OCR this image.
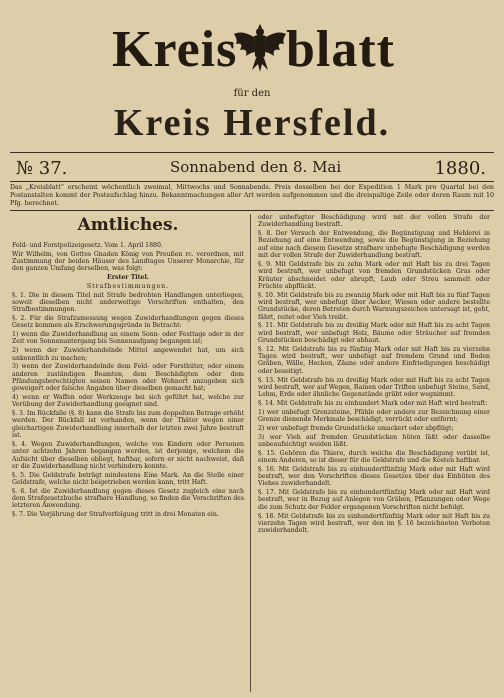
Kreis blatt
für den
Kreis Hersfeld.
№ 37.	Sonnabend den 8. Mai	1880.
Das „Kreisblatt“ erscheint wöchentlich zweimal, Mittwochs und Sonnabends. Preis desselben bei der Expedition 1 Mark pro Quartal bei den Postanstalten kommt der Postaufschlag hinzu. Bekanntmachungen aller Art werden aufgenommen und die dreispaltige Zeile oder deren Raum mit 10 Pfg. berechnet.
Amtliches.

Feld- und Forstpolizeigesetz. Vom 1. April 1880.

Wir Wilhelm, von Gottes Gnaden König von Preußen rc. verordnen, mit Zustimmung der beiden Häuser des Landtages Unserer Monarchie, für den ganzen Umfang derselben, was folgt:

Erster Titel.

Strafbestimmungen.

§. 1. Die in diesem Titel mit Strafe bedrohten Handlungen unterliegen, soweit dieselben nicht anderweitige Vorschriften enthalten, den Strafbestimmungen.

§. 2. Für die Strafzumessung wegen Zuwiderhandlungen gegen dieses Gesetz kommen als Erschwerungsgründe in Betracht:

1) wenn die Zuwiderhandlung an einem Sonn- oder Festtage oder in der Zeit von Sonnenuntergang bis Sonnenaufgang begangen ist;

2) wenn der Zuwiderhandelnde Mittel angewendet hat, um sich unkenntlich zu machen;

3) wenn der Zuwiderhandelnde dem Feld- oder Forsthüter, oder einem anderen zuständigen Beamten, dem Beschädigten oder dem Pfändungsberechtigten seinen Namen oder Wohnort anzugeben sich geweigert oder falsche Angaben über dieselben gemacht hat;

4) wenn er Waffen oder Werkzeuge bei sich geführt hat, welche zur Verübung der Zuwiderhandlung geeignet sind.

§. 3. Im Rückfalle (§. 8) kann die Strafe bis zum doppelten Betrage erhöht werden. Der Rückfall ist vorhanden, wenn der Thäter wegen einer gleichartigen Zuwiderhandlung innerhalb der letzten zwei Jahre bestraft ist.

§. 4. Wegen Zuwiderhandlungen, welche von Kindern oder Personen unter achtzehn Jahren begangen werden, ist derjenige, welchem die Aufsicht über dieselben obliegt, haftbar, sofern er nicht nachweist, daß er die Zuwiderhandlung nicht verhindern konnte.

§. 5. Die Geldstrafe beträgt mindestens Eine Mark. An die Stelle einer Geldstrafe, welche nicht beigetrieben werden kann, tritt Haft.

§. 6. Ist die Zuwiderhandlung gegen dieses Gesetz zugleich eine nach dem Strafgesetzbuche strafbare Handlung, so finden die Vorschriften des letzteren Anwendung.

§. 7. Die Verjährung der Strafverfolgung tritt in drei Monaten ein.

oder unbefugter Beschädigung wird mit der vollen Strafe der Zuwiderhandlung bestraft.

§. 8. Der Versuch der Entwendung, die Begünstigung und Hehlerei in Beziehung auf eine Entwendung, sowie die Begünstigung in Beziehung auf eine nach diesem Gesetze strafbare unbefugte Beschädigung werden mit der vollen Strafe der Zuwiderhandlung bestraft.

§. 9. Mit Geldstrafe bis zu zehn Mark oder mit Haft bis zu drei Tagen wird bestraft, wer unbefugt von fremden Grundstücken Gras oder Kräuter abschneidet oder abrupft, Laub oder Streu sammelt oder Früchte abpflückt.

§. 10. Mit Geldstrafe bis zu zwanzig Mark oder mit Haft bis zu fünf Tagen wird bestraft, wer unbefugt über Aecker, Wiesen oder andere bestellte Grundstücke, deren Betreten durch Warnungszeichen untersagt ist, geht, fährt, reitet oder Vieh treibt.

§. 11. Mit Geldstrafe bis zu dreißig Mark oder mit Haft bis zu acht Tagen wird bestraft, wer unbefugt Holz, Bäume oder Sträucher auf fremden Grundstücken beschädigt oder abhaut.

§. 12. Mit Geldstrafe bis zu fünfzig Mark oder mit Haft bis zu vierzehn Tagen wird bestraft, wer unbefugt auf fremdem Grund und Boden Gräben, Wälle, Hecken, Zäune oder andere Einfriedigungen beschädigt oder beseitigt.

§. 13. Mit Geldstrafe bis zu dreißig Mark oder mit Haft bis zu acht Tagen wird bestraft, wer auf Wegen, Rainen oder Triften unbefugt Steine, Sand, Lehm, Erde oder ähnliche Gegenstände gräbt oder wegnimmt.

§. 14. Mit Geldstrafe bis zu einhundert Mark oder mit Haft wird bestraft:

1) wer unbefugt Grenzsteine, Pfähle oder andere zur Bezeichnung einer Grenze dienende Merkmale beschädigt, verrückt oder entfernt;

2) wer unbefugt fremde Grundstücke umackert oder abpflügt;

3) wer Vieh auf fremden Grundstücken hüten läßt oder dasselbe unbeaufsichtigt weiden läßt.

§. 15. Gehören die Thiere, durch welche die Beschädigung verübt ist, einem Anderen, so ist dieser für die Geldstrafe und die Kosten haftbar.

§. 16. Mit Geldstrafe bis zu einhundertfünfzig Mark oder mit Haft wird bestraft, wer den Vorschriften dieses Gesetzes über das Einhüten des Viehes zuwiderhandelt.

§. 17. Mit Geldstrafe bis zu einhundertfünfzig Mark oder mit Haft wird bestraft, wer in Bezug auf Anlegen von Gräben, Pflanzungen oder Wege die zum Schutz der Felder ergangenen Vorschriften nicht befolgt.

§. 18. Mit Geldstrafe bis zu einhundertfünfzig Mark oder mit Haft bis zu vierzehn Tagen wird bestraft, wer den im §. 16 bezeichneten Verboten zuwiderhandelt.
